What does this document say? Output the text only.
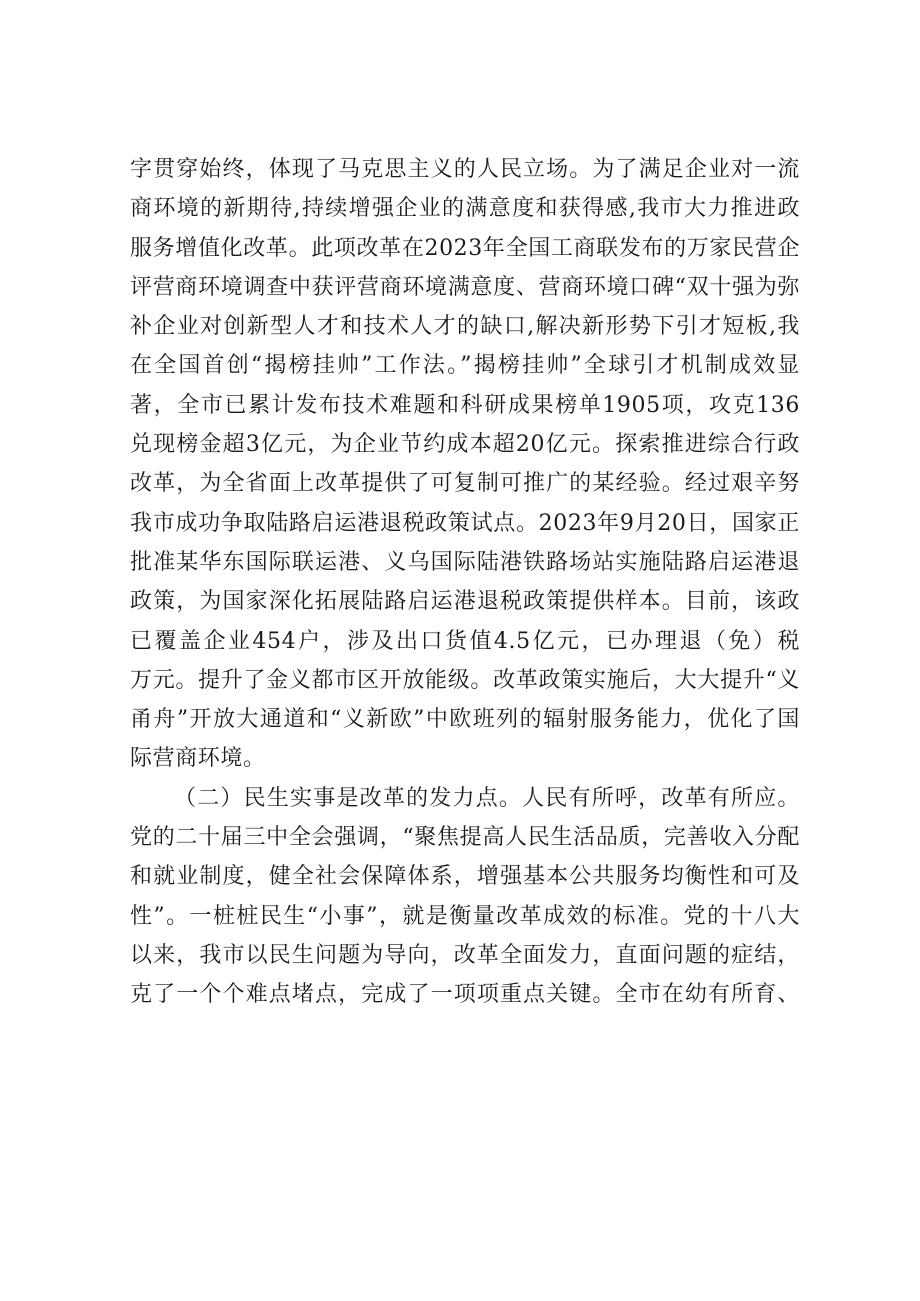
字贯穿始终，体现了马克思主义的人民立场。为了满足企业对一流
商环境的新期待,持续增强企业的满意度和获得感,我市大力推进政
服务增值化改革。此项改革在2023年全国工商联发布的万家民营企
评营商环境调查中获评营商环境满意度、营商环境口碑“双十强为弥
补企业对创新型人才和技术人才的缺口,解决新形势下引才短板,我
在全国首创“揭榜挂帅”工作法。”揭榜挂帅”全球引才机制成效显
著，全市已累计发布技术难题和科研成果榜单1905项，攻克136
兑现榜金超3亿元，为企业节约成本超20亿元。探索推进综合行政
改革，为全省面上改革提供了可复制可推广的某经验。经过艰辛努
我市成功争取陆路启运港退税政策试点。2023年9月20日，国家正
批准某华东国际联运港、义乌国际陆港铁路场站实施陆路启运港退
政策，为国家深化拓展陆路启运港退税政策提供样本。目前，该政
已覆盖企业454户，涉及出口货值4.5亿元，已办理退（免）税
万元。提升了金义都市区开放能级。改革政策实施后，大大提升“义
甬舟”开放大通道和“义新欧”中欧班列的辐射服务能力，优化了国
际营商环境。
（二）民生实事是改革的发力点。人民有所呼，改革有所应。
党的二十届三中全会强调，“聚焦提高人民生活品质，完善收入分配
和就业制度，健全社会保障体系，增强基本公共服务均衡性和可及
性”。一桩桩民生“小事”，就是衡量改革成效的标准。党的十八大
以来，我市以民生问题为导向，改革全面发力，直面问题的症结，
克了一个个难点堵点，完成了一项项重点关键。全市在幼有所育、
